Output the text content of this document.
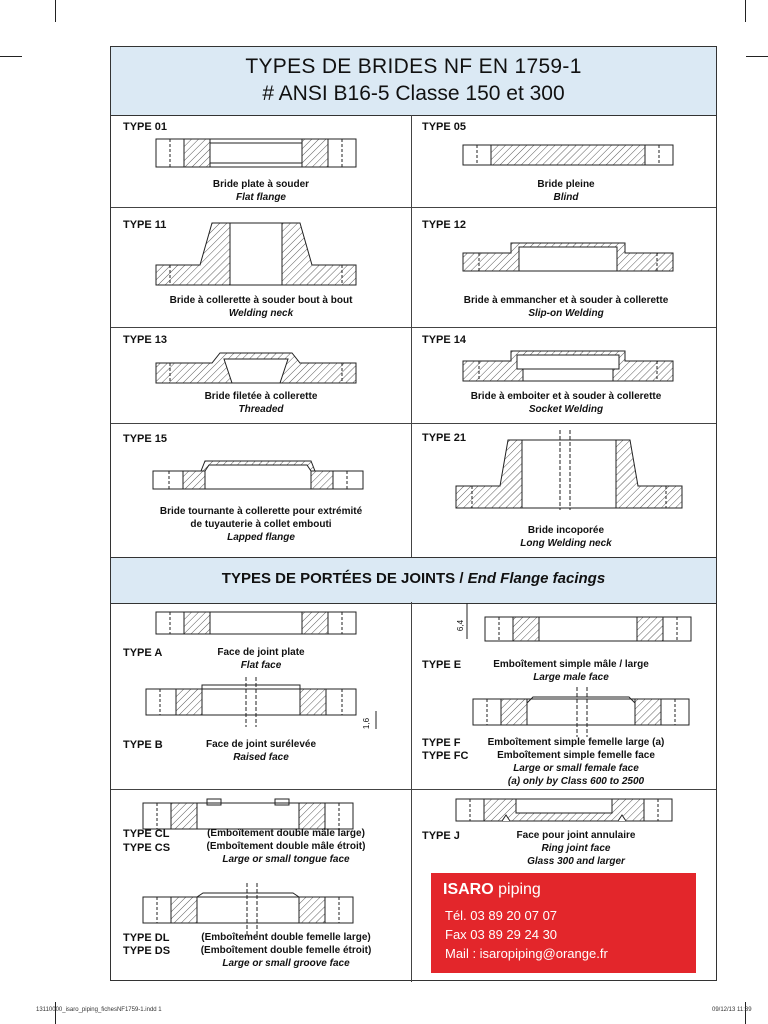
TYPES DE BRIDES NF EN 1759-1
# ANSI B16-5 Classe 150 et 300
TYPE 01
Bride plate à souder
Flat flange
TYPE 05
Bride pleine
Blind
TYPE 11
Bride à collerette à souder bout à bout
Welding neck
TYPE 12
Bride à emmancher et à souder à collerette
Slip-on Welding
TYPE 13
Bride filetée à collerette
Threaded
TYPE 14
Bride à emboiter et à souder à collerette
Socket Welding
TYPE 15
Bride tournante à collerette pour extrémité
de tuyauterie à collet embouti
Lapped flange
TYPE 21
Bride incoporée
Long Welding neck
TYPES DE PORTÉES DE JOINTS / End Flange facings
TYPE A	Face de joint plate
Flat face
1,6
TYPE B	Face de joint surélevée
Raised face
6,4
TYPE E	Emboîtement simple mâle / large
Large male face
TYPE F
TYPE FC
Emboîtement simple femelle large (a)
Emboîtement simple femelle face
Large or small female face
(a) only by Class 600 to 2500
TYPE CL
TYPE CS
(Emboîtement double mâle large)
(Emboîtement double mâle étroit)
Large or small tongue face
TYPE DL
TYPE DS
(Emboîtement double femelle large)
(Emboîtement double femelle étroit)
Large or small groove face
TYPE J	Face pour joint annulaire
Ring joint face
Glass 300 and larger
ISARO piping
Tél. 03 89 20 07 07
Fax 03 89 29 24 30
Mail : isaropiping@orange.fr
13110000_isaro_piping_fichesNF1759-1.indd 1	09/12/13 11:39
